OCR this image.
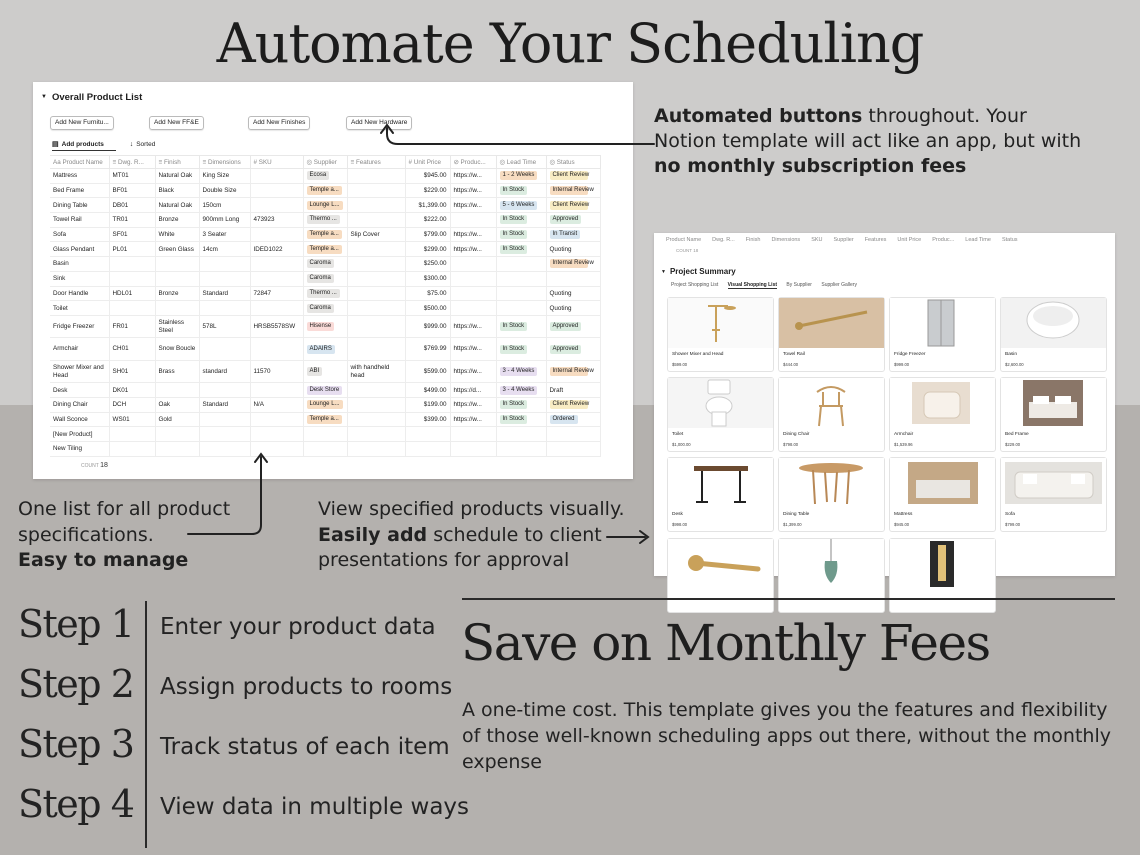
Automate Your Scheduling
▼ Overall Product List
Add New Furnitu...	Add New FF&E	Add New Finishes	Add New Hardware
▤ Add products	↓ Sorted
Aa Product Name	≡ Dwg. R...	≡ Finish	≡ Dimensions	# SKU	◎ Supplier	≡ Features	# Unit Price	⊘ Produc...	◎ Lead Time	◎ Status
Mattress	MT01	Natural Oak	King Size		Ecosa		$945.00	https://w...	1 - 2 Weeks	Client Review
Bed Frame	BF01	Black	Double Size		Temple a...		$229.00	https://w...	In Stock	Internal Review
Dining Table	DB01	Natural Oak	150cm		Lounge L...		$1,399.00	https://w...	5 - 6 Weeks	Client Review
Towel Rail	TR01	Bronze	900mm Long	473923	Thermo ...		$222.00		In Stock	Approved
Sofa	SF01	White	3 Seater		Temple a...	Slip Cover	$799.00	https://w...	In Stock	In Transit
Glass Pendant	PL01	Green Glass	14cm	IDED1022	Temple a...		$299.00	https://w...	In Stock	Quoting
Basin					Caroma		$250.00			Internal Review
Sink					Caroma		$300.00			
Door Handle	HDL01	Bronze	Standard	72847	Thermo ...		$75.00			Quoting
Toilet					Caroma		$500.00			Quoting
Fridge Freezer	FR01	Stainless Steel	578L	HRSB5578SW	Hisense		$999.00	https://w...	In Stock	Approved
Armchair	CH01	Snow Boucle			ADAIRS		$769.99	https://w...	In Stock	Approved
Shower Mixer and Head	SH01	Brass	standard	11570	ABI	with handheld head	$599.00	https://w...	3 - 4 Weeks	Internal Review
Desk	DK01				Desk Store		$499.00	https://d...	3 - 4 Weeks	Draft
Dining Chair	DCH	Oak	Standard	N/A	Lounge L...		$199.00	https://w...	In Stock	Client Review
Wall Sconce	WS01	Gold			Temple a...		$399.00	https://w...	In Stock	Ordered
[New Product]										
New Tiling										
COUNT 18
Product Name Dwg. R... Finish Dimensions SKU Supplier Features Unit Price Produc... Lead Time Status
COUNT 18
▼ Project Summary
Project Shopping List Visual Shopping List By Supplier Supplier Gallery
Shower Mixer and Head
$599.00
Towel Rail
$444.00
Fridge Freezer
$999.00
Basin
$2,600.00
Toilet
$1,000.00
Dining Chair
$798.00
Armchair
$1,539.96
Bed Frame
$229.00
Desk
$998.00
Dining Table
$1,399.00
Mattress
$945.00
Sofa
$799.00
Automated buttons throughout. Your Notion template will act like an app, but with no monthly subscription fees
One list for all product specifications.
Easy to manage
View specified products visually.
Easily add schedule to client presentations for approval
Step 1 Enter your product data
Step 2 Assign products to rooms
Step 3 Track status of each item
Step 4 View data in multiple ways
Save on Monthly Fees
A one-time cost. This template gives you the features and flexibility of those well-known scheduling apps out there, without the monthly expense
